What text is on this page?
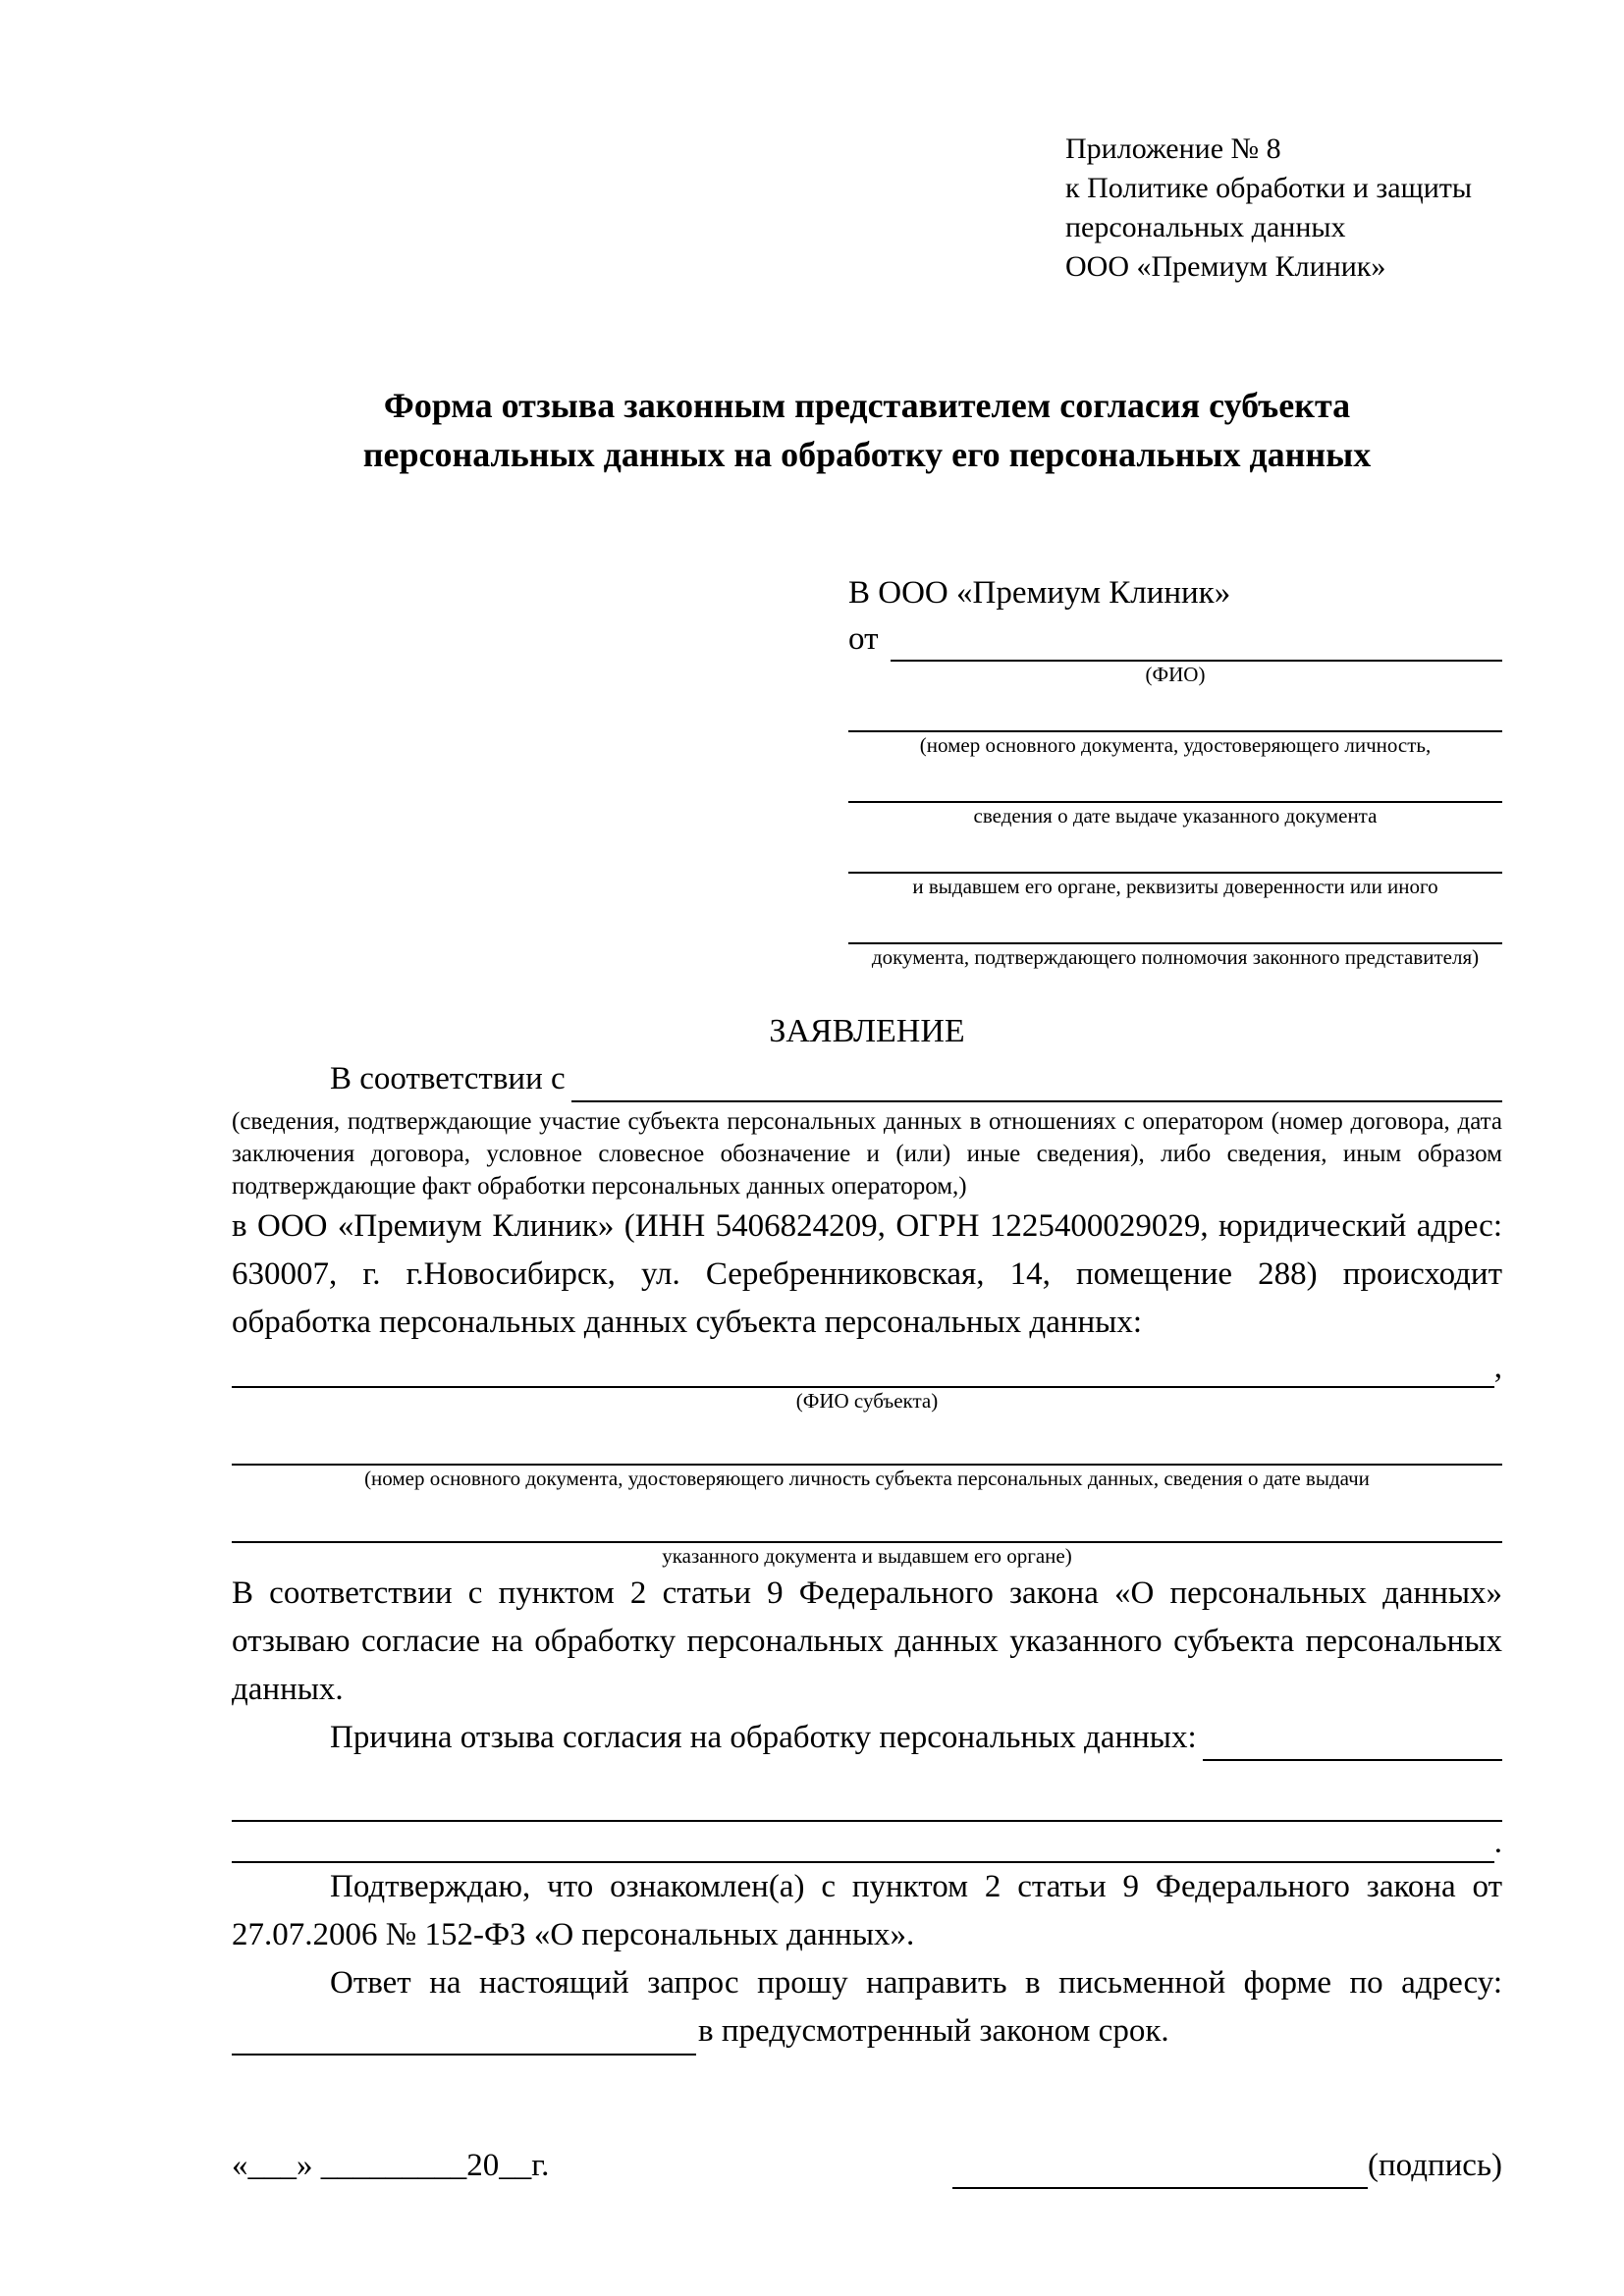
Приложение № 8
к Политике обработки и защиты
персональных данных
ООО «Премиум Клиник»
Форма отзыва законным представителем согласия субъекта персональных данных на обработку его персональных данных
В ООО «Премиум Клиник»
от
(ФИО)
(номер основного документа, удостоверяющего личность,
сведения о дате выдаче указанного документа
и выдавшем его органе, реквизиты доверенности или иного
документа, подтверждающего полномочия законного представителя)
ЗАЯВЛЕНИЕ
В соответствии с
(сведения, подтверждающие участие субъекта персональных данных в отношениях с оператором (номер договора, дата заключения договора, условное словесное обозначение и (или) иные сведения), либо сведения, иным образом подтверждающие факт обработки персональных данных оператором,)

в ООО «Премиум Клиник» (ИНН 5406824209, ОГРН 1225400029029, юридический адрес: 630007, г. г.Новосибирск, ул. Серебренниковская, 14, помещение 288) происходит обработка персональных данных субъекта персональных данных:

,
(ФИО субъекта)
(номер основного документа, удостоверяющего личность субъекта персональных данных, сведения о дате выдачи
указанного документа и выдавшем его органе)

В соответствии с пунктом 2 статьи 9 Федерального закона «О персональных данных» отзываю согласие на обработку персональных данных указанного субъекта персональных данных.

Причина отзыва согласия на обработку персональных данных:
.

Подтверждаю, что ознакомлен(а) с пунктом 2 статьи 9 Федерального закона от 27.07.2006 № 152-ФЗ «О персональных данных».

Ответ на настоящий запрос прошу направить в письменной форме по адресу:
в предусмотренный законом срок.
«___» _________20__г.	(подпись)
